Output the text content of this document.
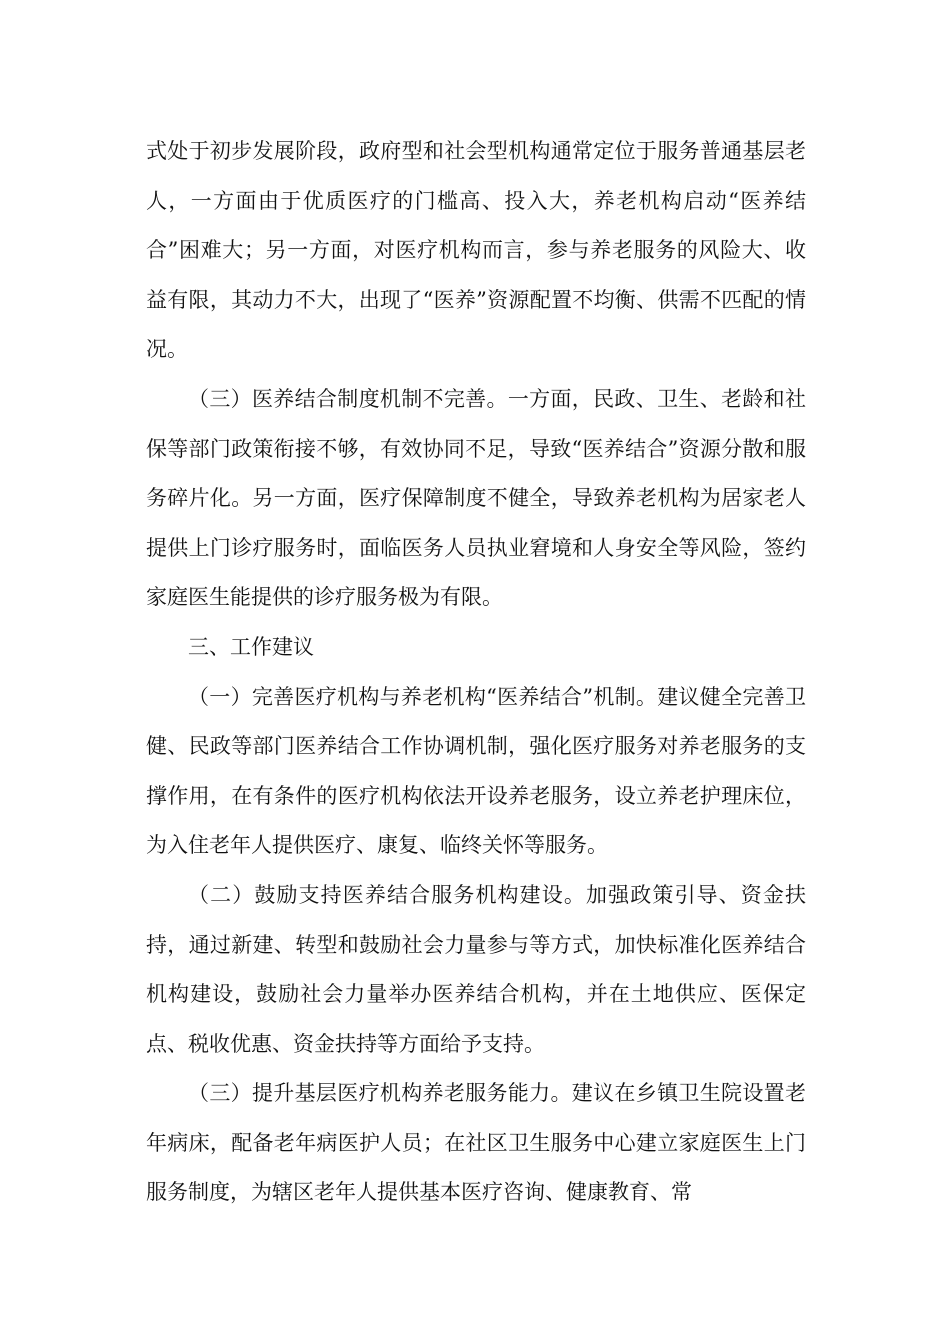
式处于初步发展阶段，政府型和社会型机构通常定位于服务普通基层老人，一方面由于优质医疗的门槛高、投入大，养老机构启动“医养结合”困难大；另一方面，对医疗机构而言，参与养老服务的风险大、收益有限，其动力不大，出现了“医养”资源配置不均衡、供需不匹配的情况。

（三）医养结合制度机制不完善。一方面，民政、卫生、老龄和社保等部门政策衔接不够，有效协同不足，导致“医养结合”资源分散和服务碎片化。另一方面，医疗保障制度不健全，导致养老机构为居家老人提供上门诊疗服务时，面临医务人员执业窘境和人身安全等风险，签约家庭医生能提供的诊疗服务极为有限。

三、工作建议

（一）完善医疗机构与养老机构“医养结合”机制。建议健全完善卫健、民政等部门医养结合工作协调机制，强化医疗服务对养老服务的支撑作用，在有条件的医疗机构依法开设养老服务，设立养老护理床位，为入住老年人提供医疗、康复、临终关怀等服务。

（二）鼓励支持医养结合服务机构建设。加强政策引导、资金扶持，通过新建、转型和鼓励社会力量参与等方式，加快标准化医养结合机构建设，鼓励社会力量举办医养结合机构，并在土地供应、医保定点、税收优惠、资金扶持等方面给予支持。

（三）提升基层医疗机构养老服务能力。建议在乡镇卫生院设置老年病床，配备老年病医护人员；在社区卫生服务中心建立家庭医生上门服务制度，为辖区老年人提供基本医疗咨询、健康教育、常
